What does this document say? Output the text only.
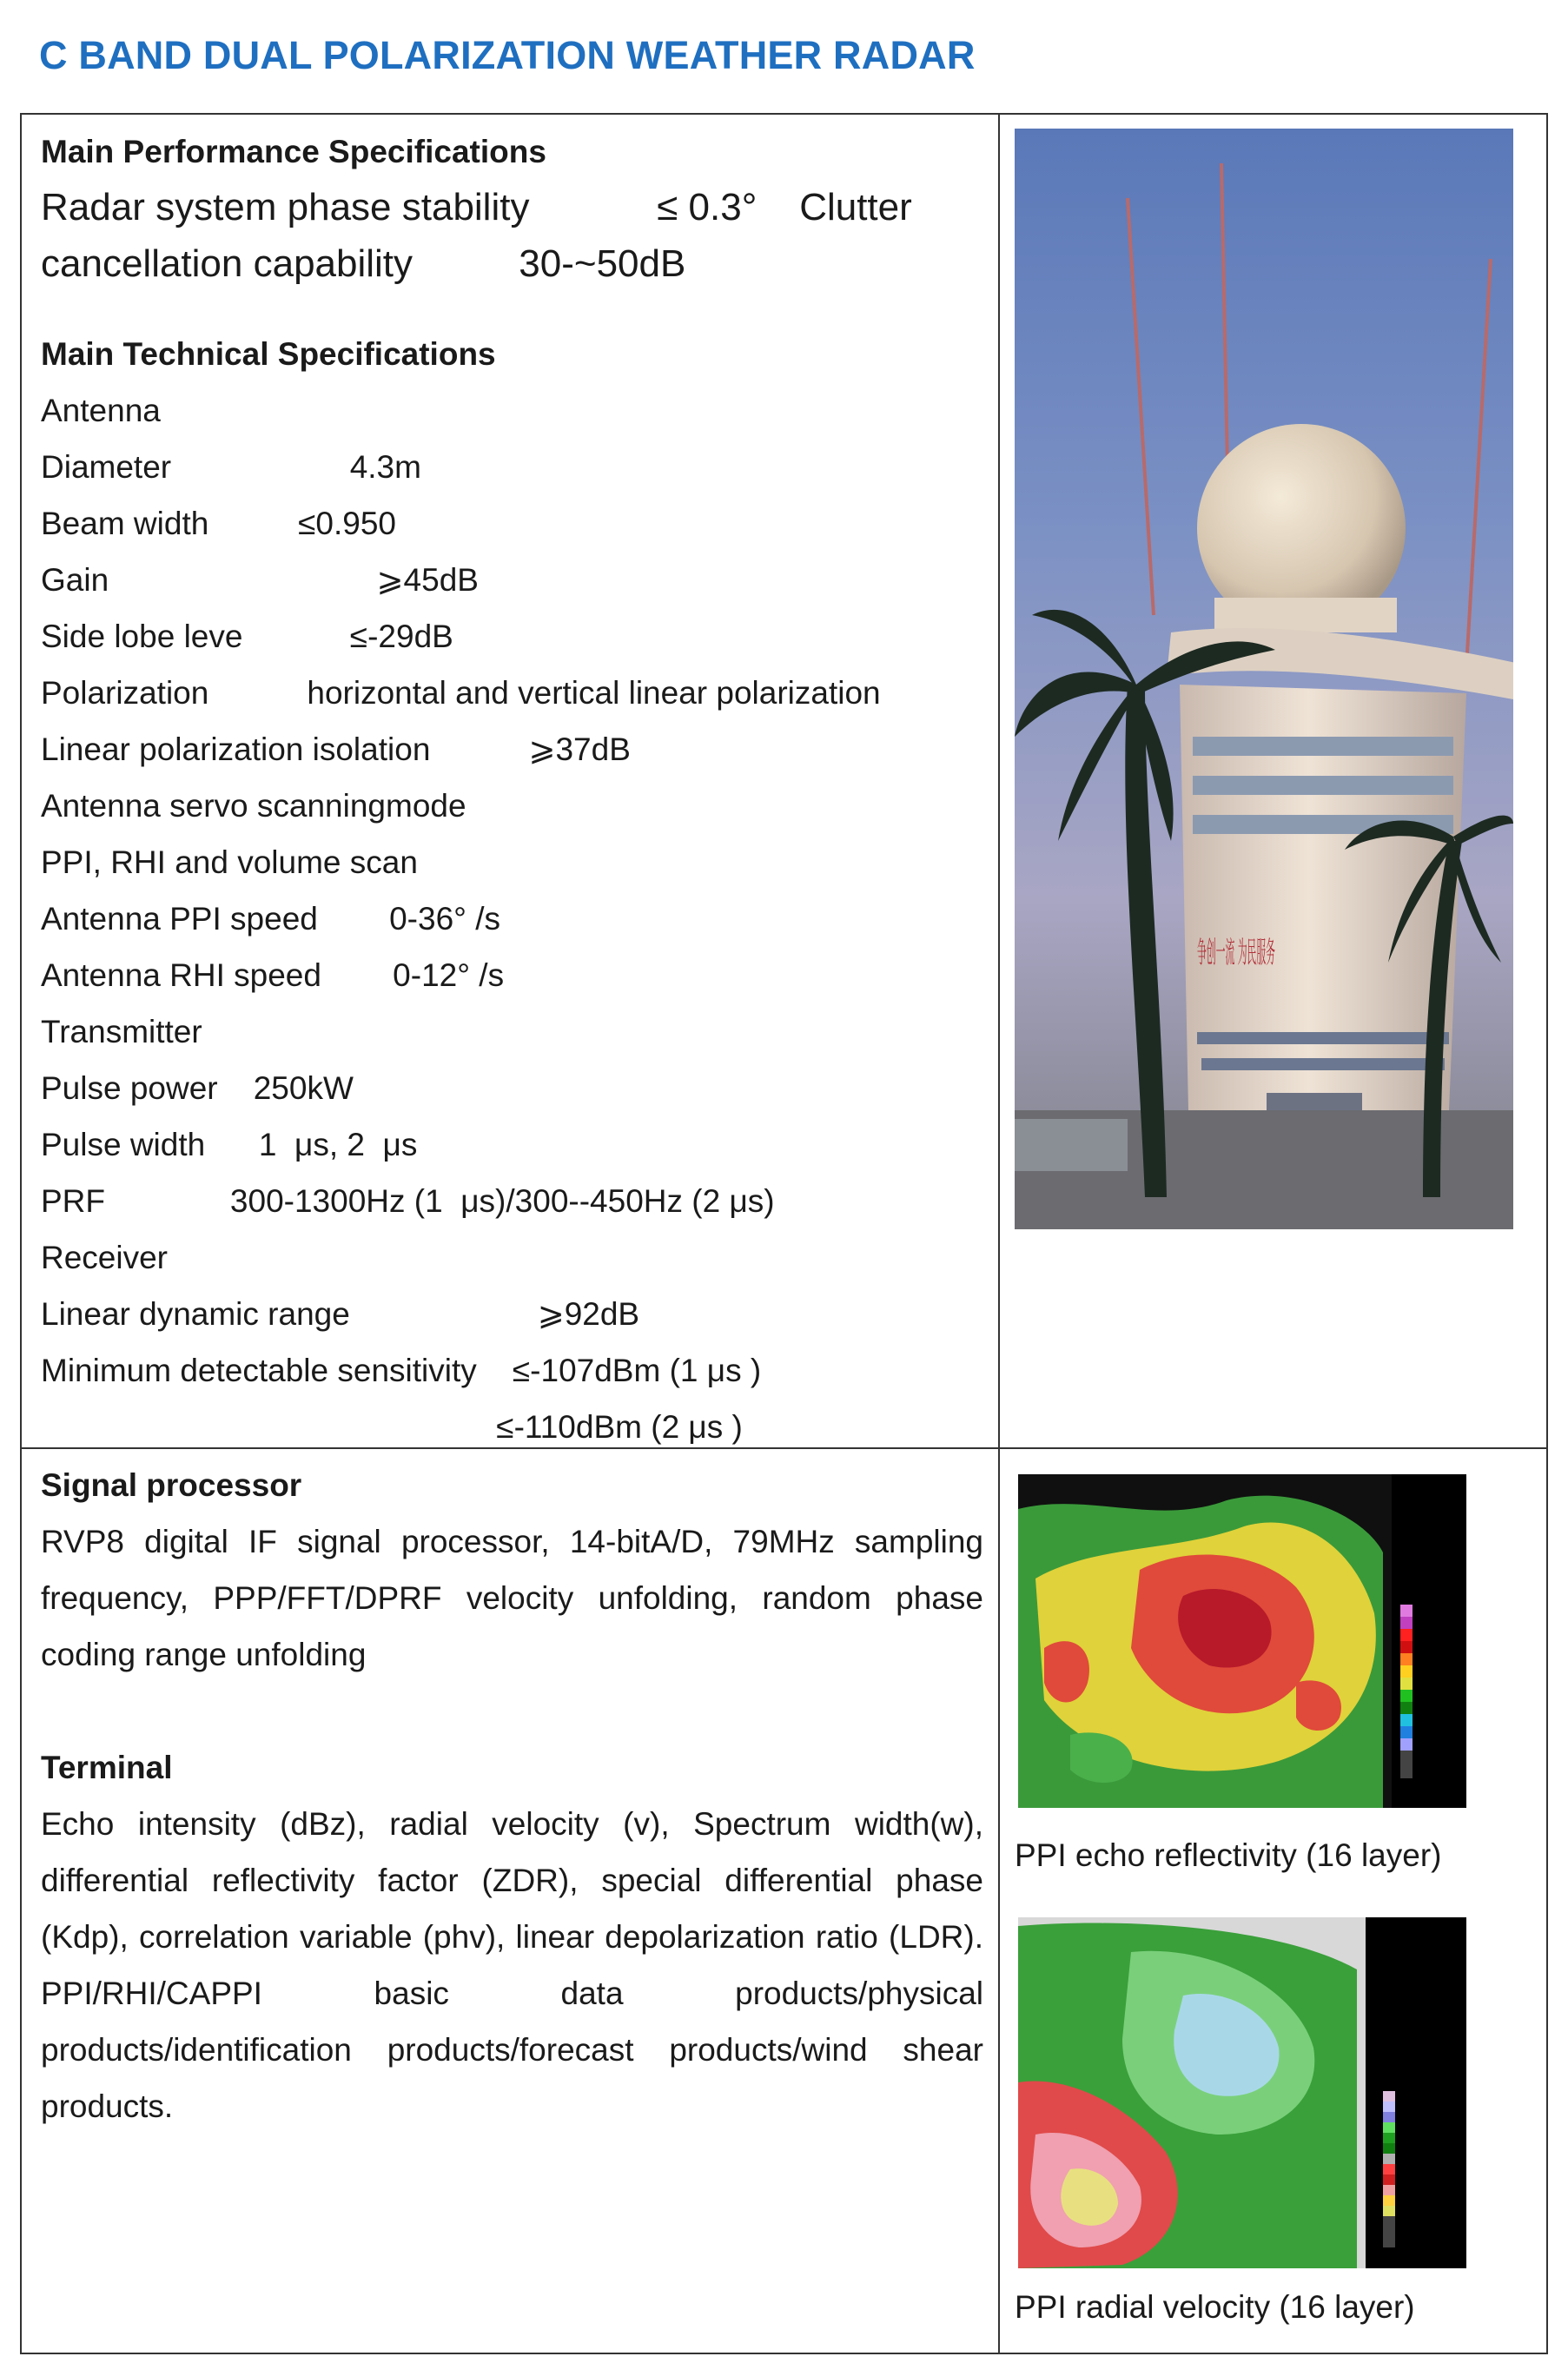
C BAND DUAL POLARIZATION WEATHER RADAR
Main Performance Specifications
Radar system phase stability            ≤ 0.3°    Clutter
cancellation capability          30-~50dB
Main Technical Specifications
Antenna
Diameter                    4.3m
Beam width          ≤0.950
Gain                              ⩾45dB
Side lobe leve            ≤-29dB
Polarization           horizontal and vertical linear polarization
Linear polarization isolation           ⩾37dB
Antenna servo scanningmode
PPI, RHI and volume scan
Antenna PPI speed        0-36° /s
Antenna RHI speed        0-12° /s
Transmitter
Pulse power    250kW
Pulse width      1  μs, 2  μs
PRF              300-1300Hz (1  μs)/300--450Hz (2 μs)
Receiver
Linear dynamic range                     ⩾92dB
Minimum detectable sensitivity    ≤-107dBm (1 μs )
≤-110dBm (2 μs )
Signal processor
RVP8 digital IF signal processor, 14-bitA/D, 79MHz sampling frequency, PPP/FFT/DPRF velocity unfolding, random phase coding range unfolding
Terminal
Echo intensity (dBz), radial velocity (v), Spectrum width(w), differential reflectivity factor (ZDR), special differential phase (Kdp), correlation variable (phv), linear depolarization ratio (LDR). PPI/RHI/CAPPI basic data products/physical products/identification products/forecast products/wind shear products.
争创一流 为民服务
PPI echo reflectivity (16 layer)
PPI radial velocity (16 layer)
